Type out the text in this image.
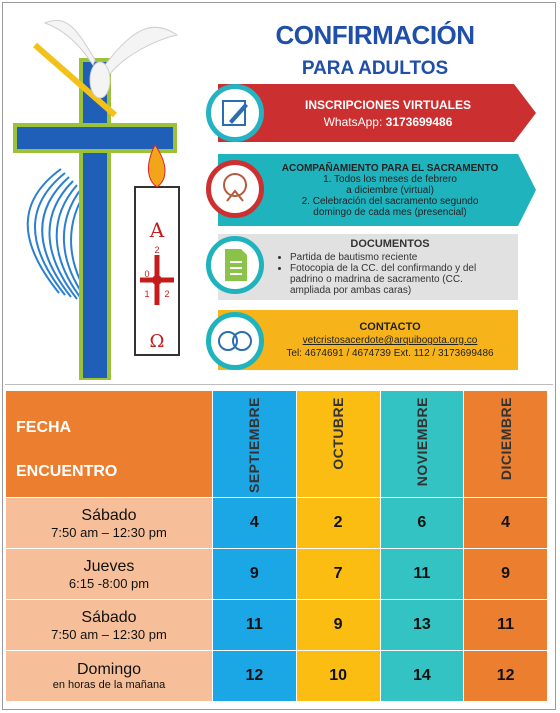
A
Ω
2
0
1 2
CONFIRMACIÓN
PARA ADULTOS
INSCRIPCIONES VIRTUALES
WhatsApp: 3173699486
ACOMPAÑAMIENTO PARA EL SACRAMENTO
1. Todos los meses de febrero
a diciembre (virtual)
2. Celebración del sacramento segundo
domingo de cada mes (presencial)
DOCUMENTOS
• Partida de bautismo reciente
• Fotocopia de la CC. del confirmando y del padrino o madrina de sacramento (CC. ampliada por ambas caras)
CONTACTO
vetcristosacerdote@arquibogota.org.co
Tel: 4674691 / 4674739 Ext. 112 / 3173699486
FECHA
ENCUENTRO	SEPTIEMBRE	OCTUBRE	NOVIEMBRE	DICIEMBRE

Sábado
7:50 am – 12:30 pm	4	2	6	4

Jueves
6:15 -8:00 pm	9	7	11	9

Sábado
7:50 am – 12:30 pm	11	9	13	11

Domingo
en horas de la mañana	12	10	14	12
